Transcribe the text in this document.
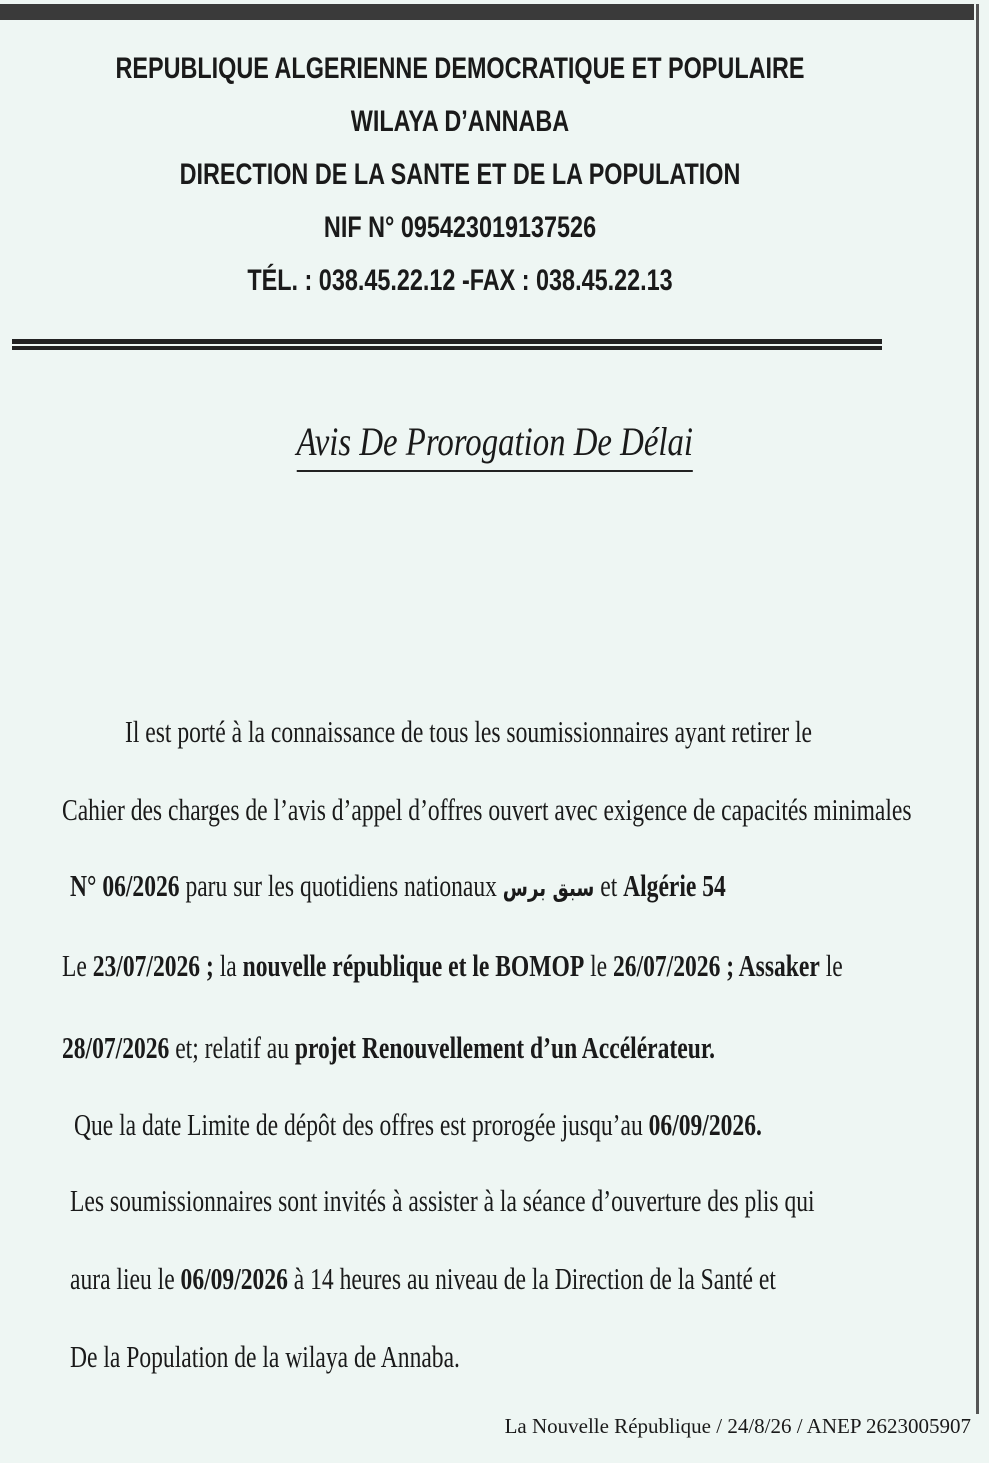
REPUBLIQUE ALGERIENNE DEMOCRATIQUE ET POPULAIRE
WILAYA D’ANNABA
DIRECTION DE LA SANTE ET DE LA POPULATION
NIF N° 095423019137526
TÉL. : 038.45.22.12 -FAX : 038.45.22.13
Avis De Prorogation De Délai
Il est porté à la connaissance de tous les soumissionnaires ayant retirer le
Cahier des charges de l’avis d’appel d’offres ouvert avec exigence de capacités minimales
N° 06/2026 paru sur les quotidiens nationaux سبق برس et Algérie 54
Le 23/07/2026 ; la nouvelle république et le BOMOP le 26/07/2026 ; Assaker le
28/07/2026 et; relatif au projet Renouvellement d’un Accélérateur.
Que la date Limite de dépôt des offres est prorogée jusqu’au 06/09/2026.
Les soumissionnaires sont invités à assister à la séance d’ouverture des plis qui
aura lieu le 06/09/2026 à 14 heures au niveau de la Direction de la Santé et
De la Population de la wilaya de Annaba.
La Nouvelle République / 24/8/26 / ANEP 2623005907
